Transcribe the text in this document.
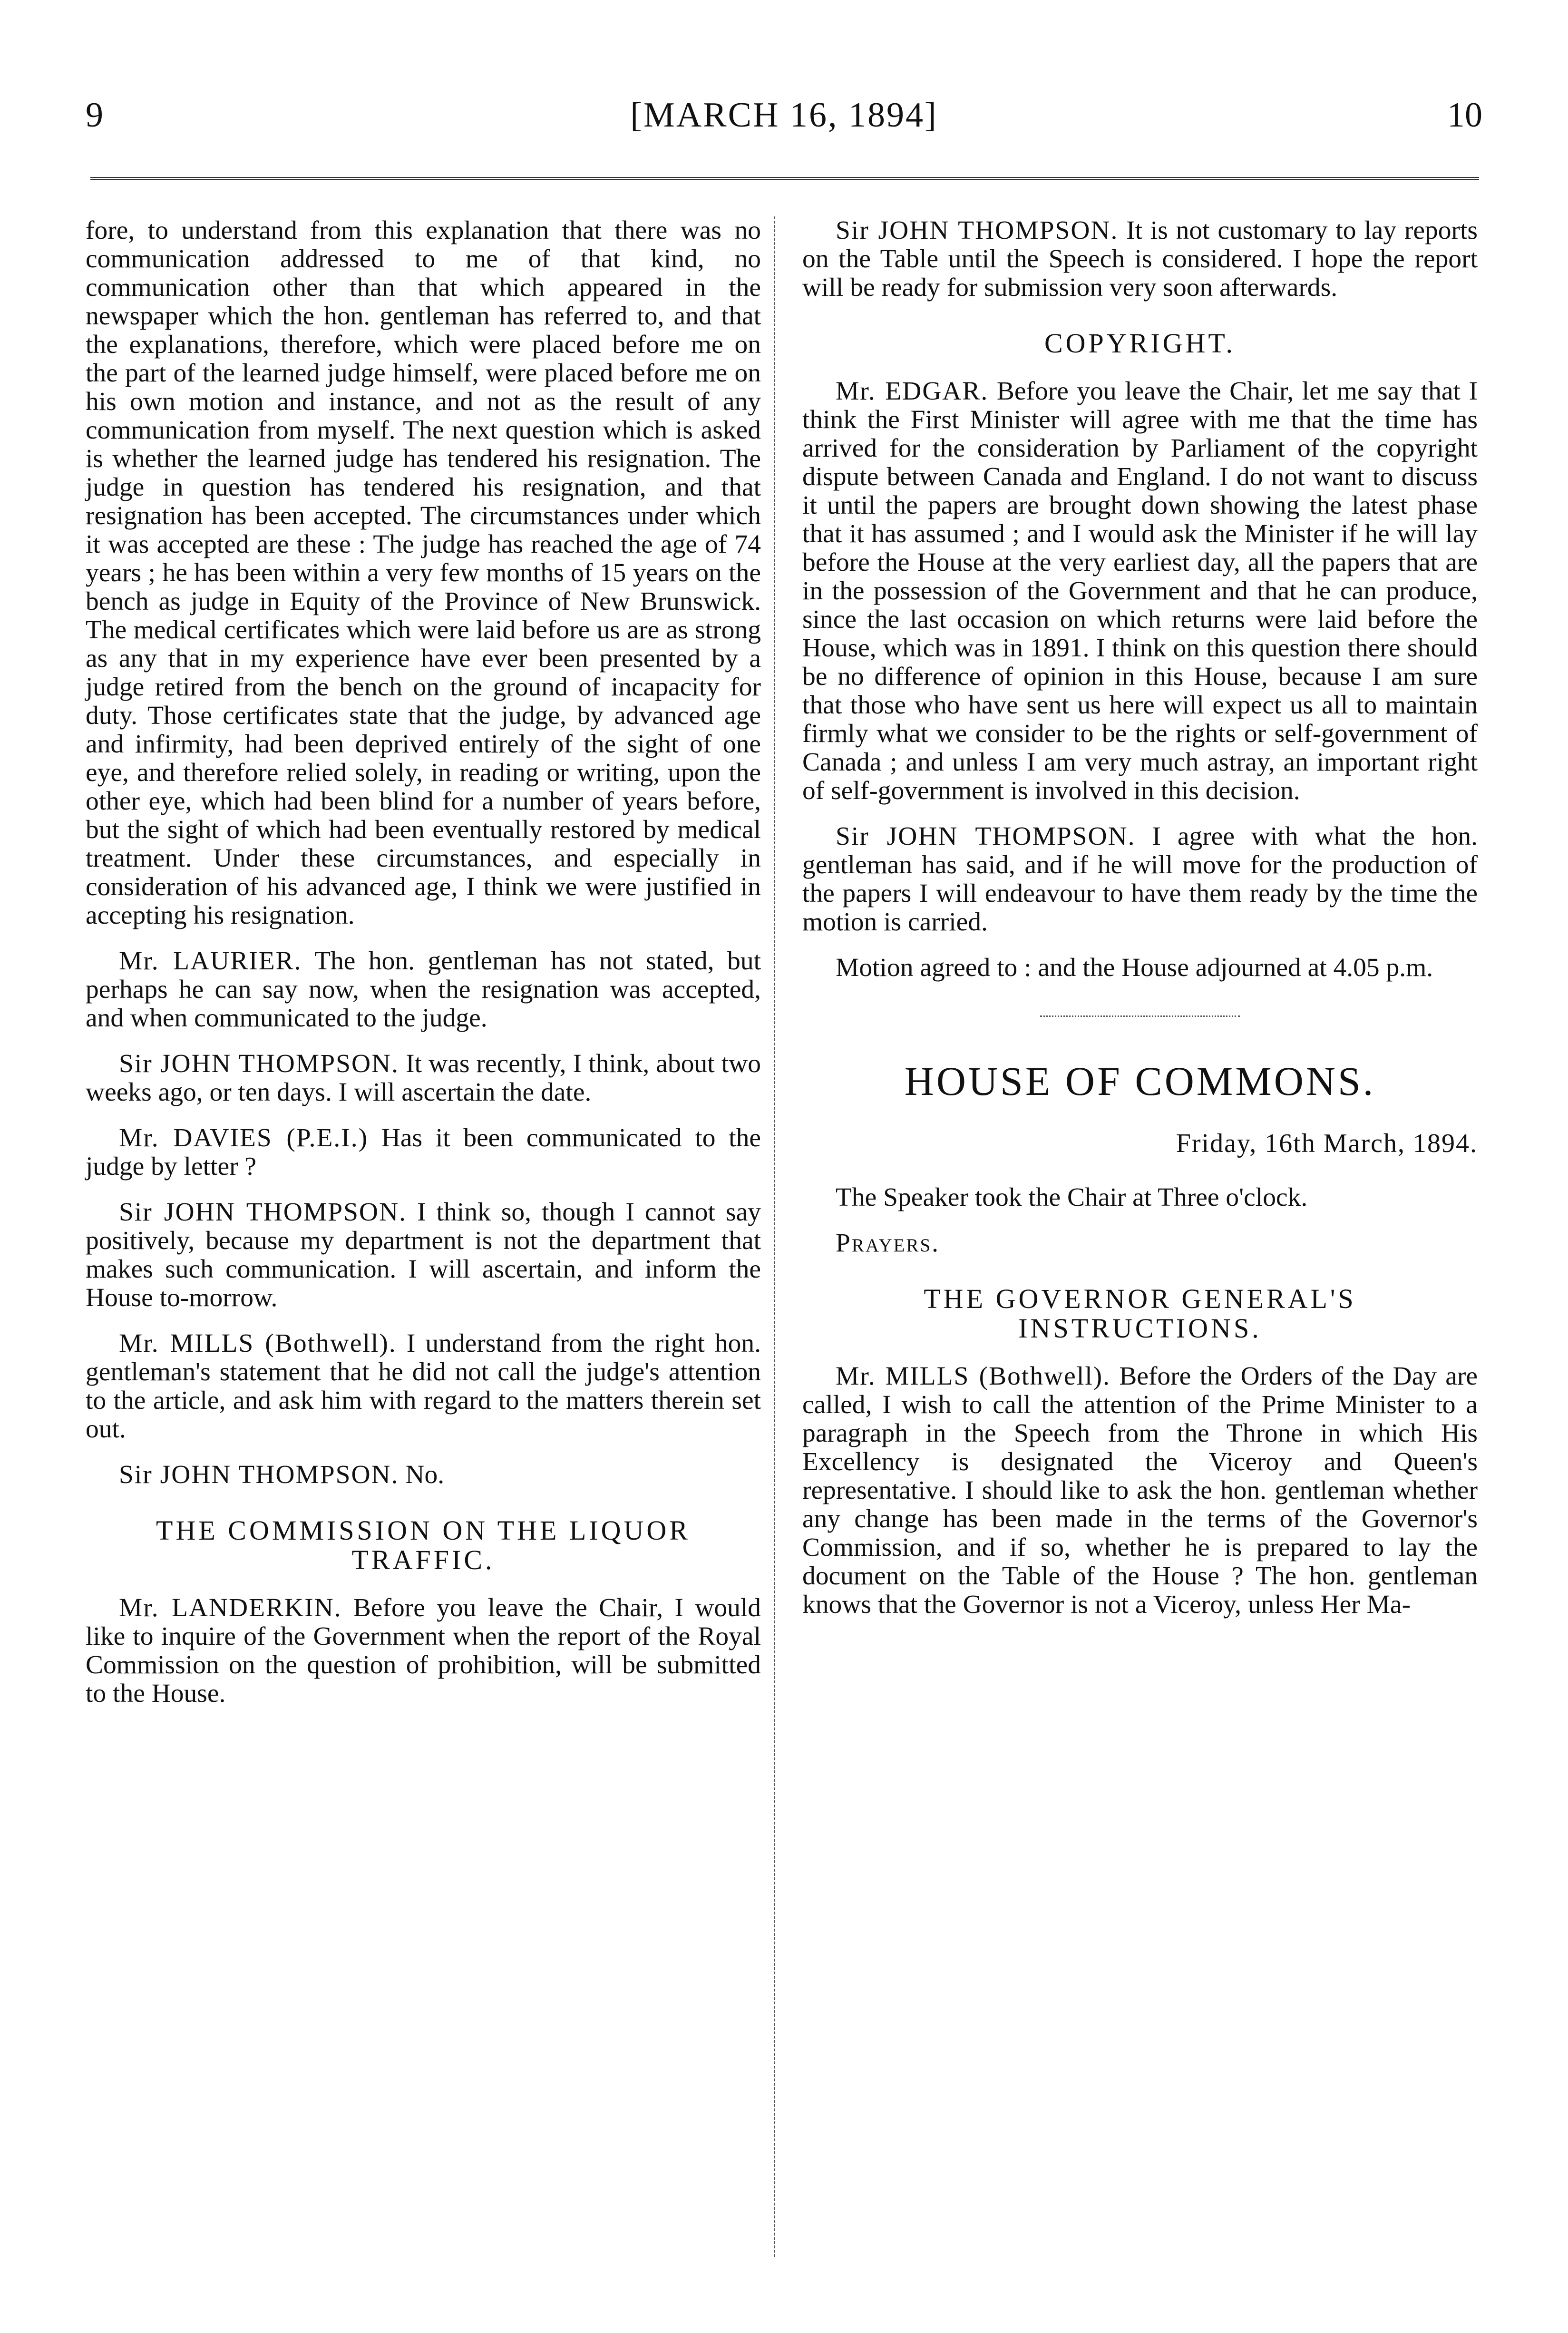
9	[MARCH 16, 1894]	10

fore, to understand from this explanation that there was no communication addressed to me of that kind, no communication other than that which appeared in the newspaper which the hon. gentleman has referred to, and that the explanations, therefore, which were placed before me on the part of the learned judge himself, were placed before me on his own motion and instance, and not as the result of any communication from myself. The next question which is asked is whether the learned judge has tendered his resignation. The judge in question has tendered his resignation, and that resignation has been accepted. The circumstances under which it was accepted are these : The judge has reached the age of 74 years ; he has been within a very few months of 15 years on the bench as judge in Equity of the Province of New Brunswick. The medical certificates which were laid before us are as strong as any that in my experience have ever been presented by a judge retired from the bench on the ground of incapacity for duty. Those certificates state that the judge, by advanced age and infirmity, had been deprived entirely of the sight of one eye, and therefore relied solely, in reading or writing, upon the other eye, which had been blind for a number of years before, but the sight of which had been eventually restored by medical treatment. Under these circumstances, and especially in consideration of his advanced age, I think we were justified in accepting his resignation.

Mr. LAURIER. The hon. gentleman has not stated, but perhaps he can say now, when the resignation was accepted, and when communicated to the judge.

Sir JOHN THOMPSON. It was recently, I think, about two weeks ago, or ten days. I will ascertain the date.

Mr. DAVIES (P.E.I.) Has it been communicated to the judge by letter ?

Sir JOHN THOMPSON. I think so, though I cannot say positively, because my department is not the department that makes such communication. I will ascertain, and inform the House to-morrow.

Mr. MILLS (Bothwell). I understand from the right hon. gentleman's statement that he did not call the judge's attention to the article, and ask him with regard to the matters therein set out.

Sir JOHN THOMPSON. No.

THE COMMISSION ON THE LIQUOR TRAFFIC.

Mr. LANDERKIN. Before you leave the Chair, I would like to inquire of the Government when the report of the Royal Commission on the question of prohibition, will be submitted to the House.

Sir JOHN THOMPSON. It is not customary to lay reports on the Table until the Speech is considered. I hope the report will be ready for submission very soon afterwards.

COPYRIGHT.

Mr. EDGAR. Before you leave the Chair, let me say that I think the First Minister will agree with me that the time has arrived for the consideration by Parliament of the copyright dispute between Canada and England. I do not want to discuss it until the papers are brought down showing the latest phase that it has assumed ; and I would ask the Minister if he will lay before the House at the very earliest day, all the papers that are in the possession of the Government and that he can produce, since the last occasion on which returns were laid before the House, which was in 1891. I think on this question there should be no difference of opinion in this House, because I am sure that those who have sent us here will expect us all to maintain firmly what we consider to be the rights or self-government of Canada ; and unless I am very much astray, an important right of self-government is involved in this decision.

Sir JOHN THOMPSON. I agree with what the hon. gentleman has said, and if he will move for the production of the papers I will endeavour to have them ready by the time the motion is carried.

Motion agreed to : and the House adjourned at 4.05 p.m.

HOUSE OF COMMONS.
Friday, 16th March, 1894.

The Speaker took the Chair at Three o'clock.

Prayers.
THE GOVERNOR GENERAL'S INSTRUCTIONS.

Mr. MILLS (Bothwell). Before the Orders of the Day are called, I wish to call the attention of the Prime Minister to a paragraph in the Speech from the Throne in which His Excellency is designated the Viceroy and Queen's representative. I should like to ask the hon. gentleman whether any change has been made in the terms of the Governor's Commission, and if so, whether he is prepared to lay the document on the Table of the House ? The hon. gentleman knows that the Governor is not a Viceroy, unless Her Ma-
